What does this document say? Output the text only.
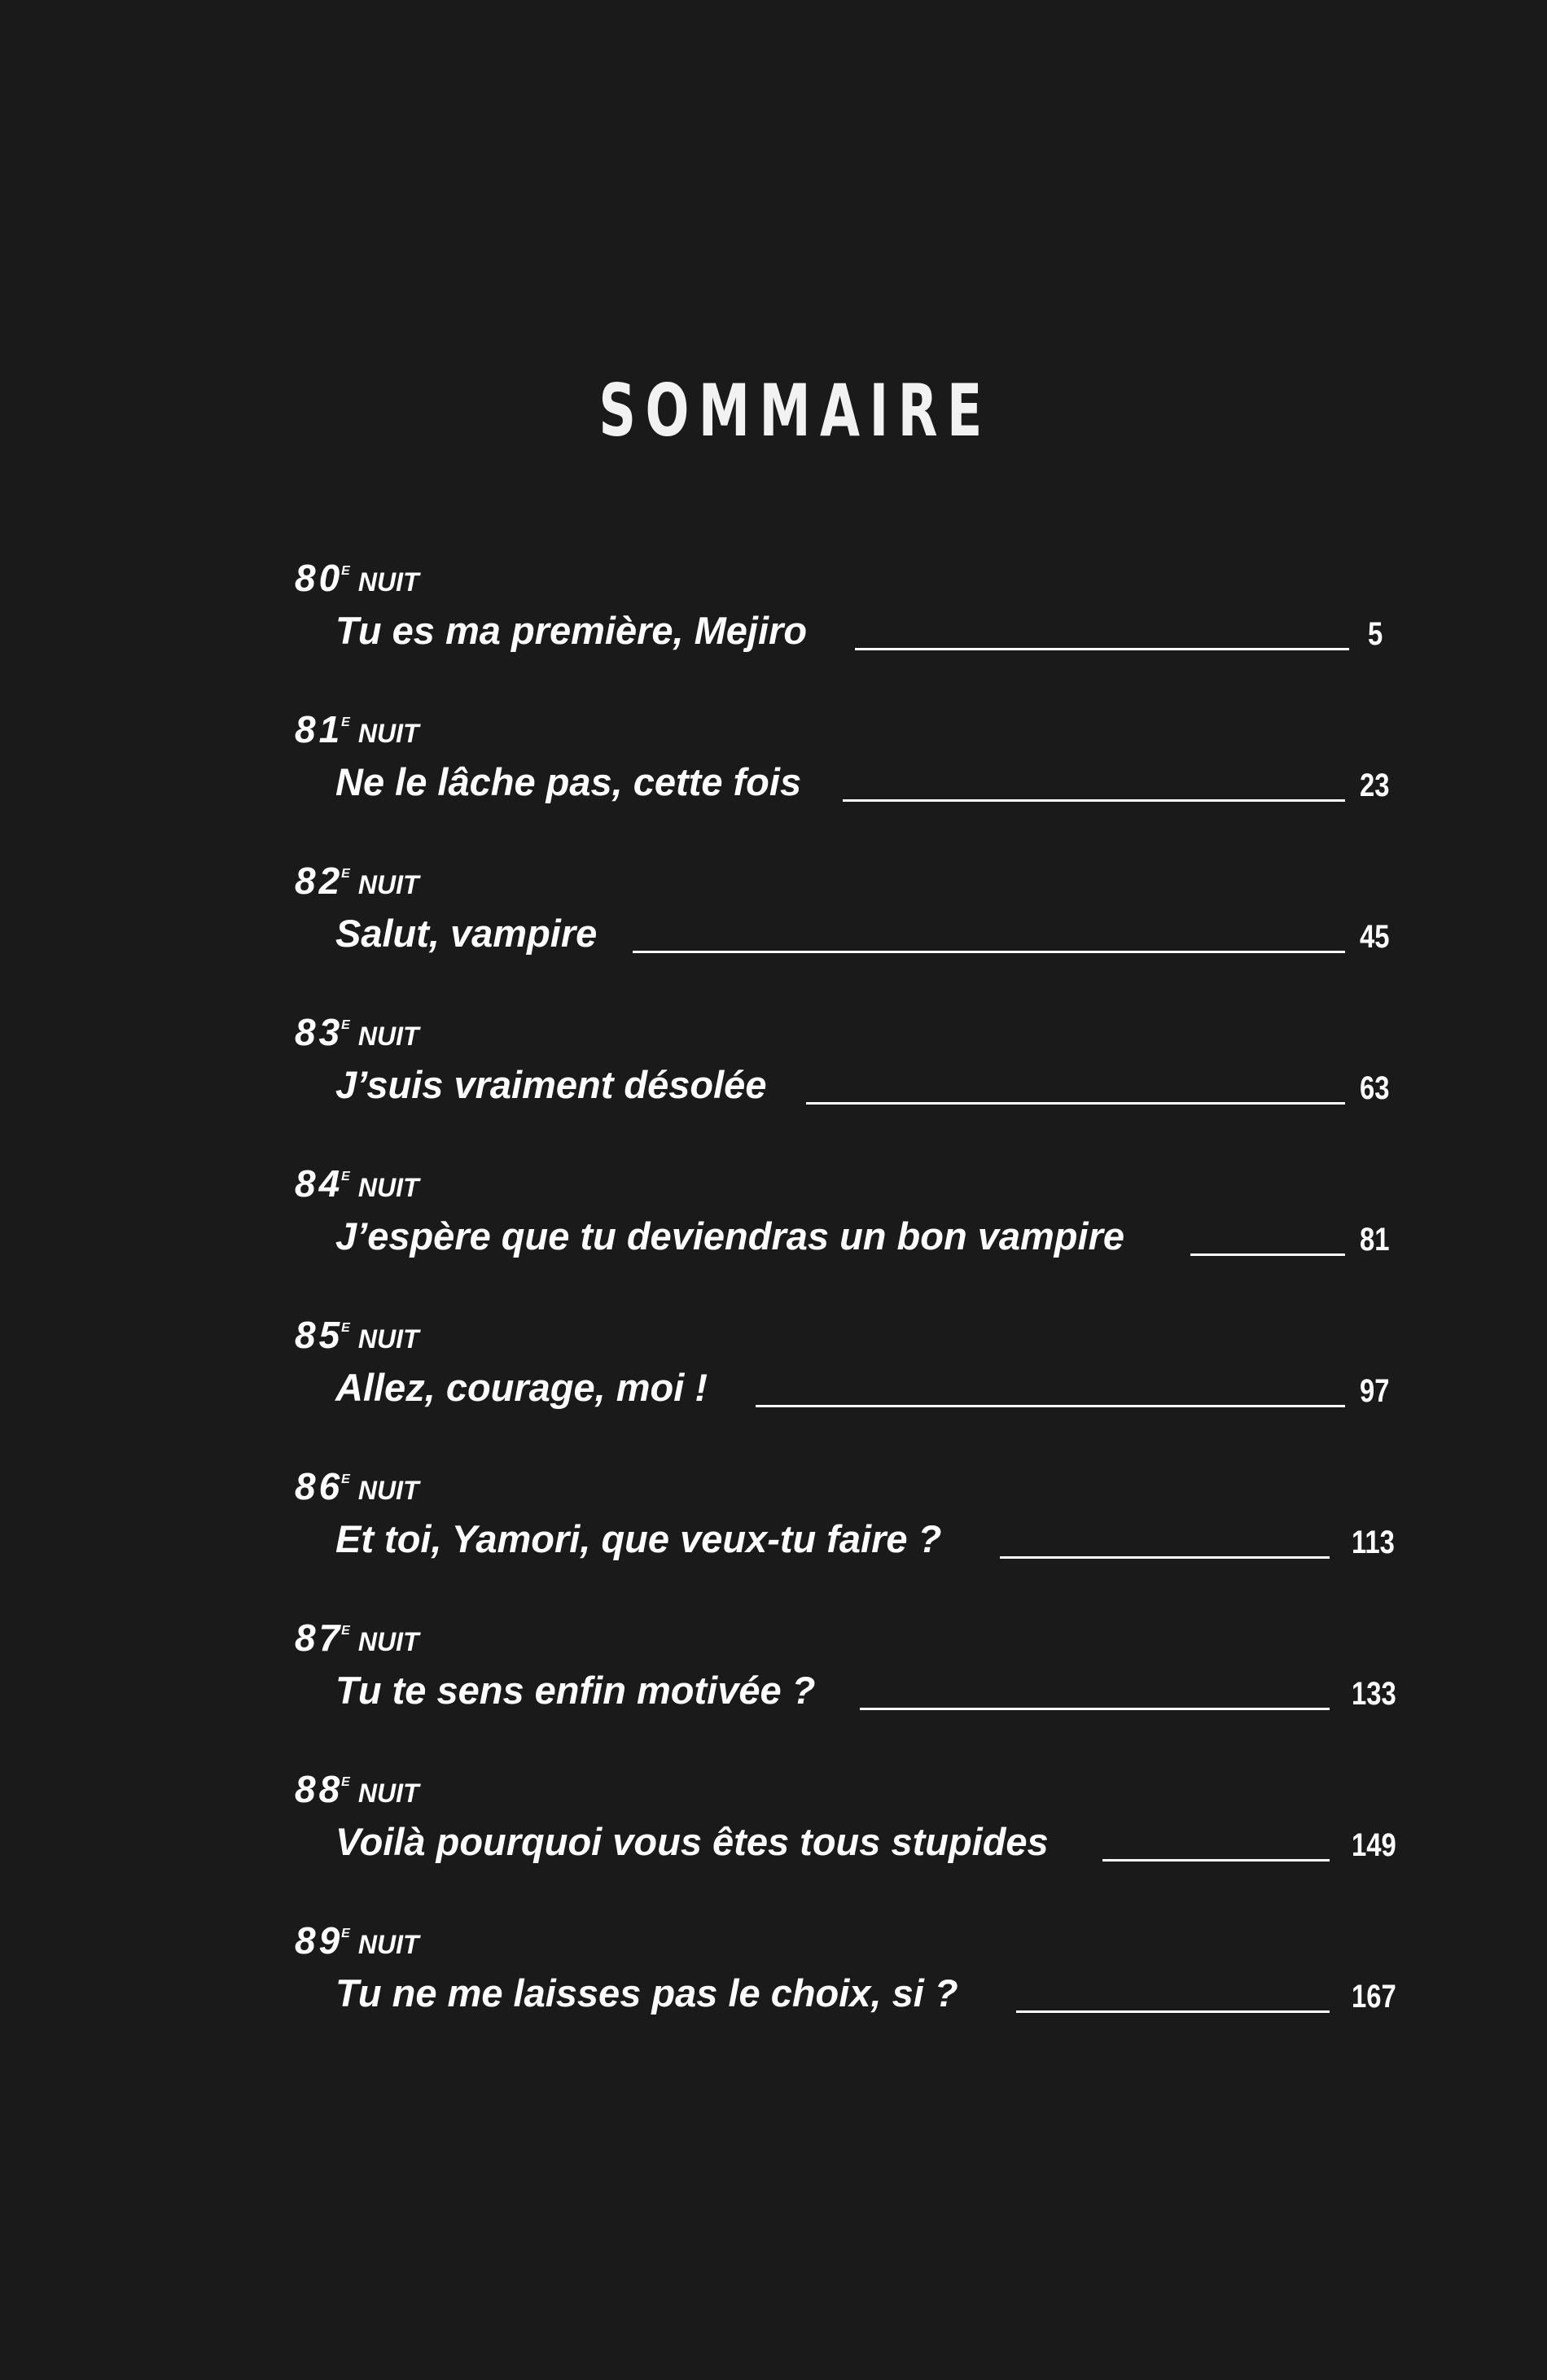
SOMMAIRE
80E NUIT
Tu es ma première, Mejiro	5
81E NUIT
Ne le lâche pas, cette fois	23
82E NUIT
Salut, vampire	45
83E NUIT
J’suis vraiment désolée	63
84E NUIT
J’espère que tu deviendras un bon vampire	81
85E NUIT
Allez, courage, moi !	97
86E NUIT
Et toi, Yamori, que veux-tu faire ?	113
87E NUIT
Tu te sens enfin motivée ?	133
88E NUIT
Voilà pourquoi vous êtes tous stupides	149
89E NUIT
Tu ne me laisses pas le choix, si ?	167
